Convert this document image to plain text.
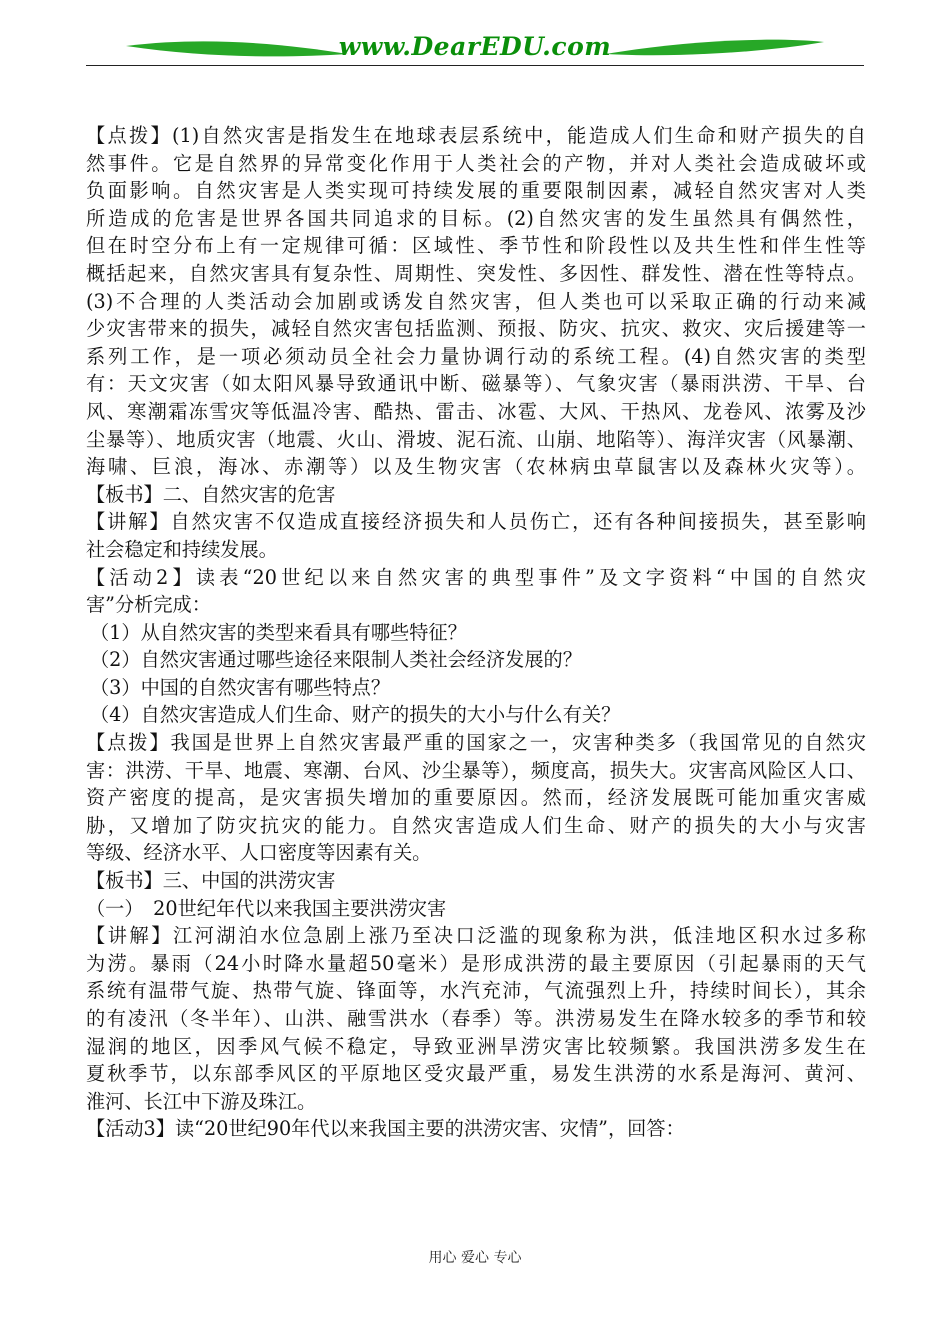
www.DearEDU.com
【点拨】(1)自然灾害是指发生在地球表层系统中，能造成人们生命和财产损失的自
然事件。它是自然界的异常变化作用于人类社会的产物，并对人类社会造成破坏或
负面影响。自然灾害是人类实现可持续发展的重要限制因素，减轻自然灾害对人类
所造成的危害是世界各国共同追求的目标。(2)自然灾害的发生虽然具有偶然性，
但在时空分布上有一定规律可循：区域性、季节性和阶段性以及共生性和伴生性等
概括起来，自然灾害具有复杂性、周期性、突发性、多因性、群发性、潜在性等特点。
(3)不合理的人类活动会加剧或诱发自然灾害，但人类也可以采取正确的行动来减
少灾害带来的损失，减轻自然灾害包括监测、预报、防灾、抗灾、救灾、灾后援建等一
系列工作，是一项必须动员全社会力量协调行动的系统工程。(4)自然灾害的类型
有：天文灾害（如太阳风暴导致通讯中断、磁暴等）、气象灾害（暴雨洪涝、干旱、台
风、寒潮霜冻雪灾等低温冷害、酷热、雷击、冰雹、大风、干热风、龙卷风、浓雾及沙
尘暴等）、地质灾害（地震、火山、滑坡、泥石流、山崩、地陷等）、海洋灾害（风暴潮、
海啸、巨浪，海冰、赤潮等）以及生物灾害（农林病虫草鼠害以及森林火灾等）。
【板书】二、自然灾害的危害
【讲解】自然灾害不仅造成直接经济损失和人员伤亡，还有各种间接损失，甚至影响
社会稳定和持续发展。
【活动2】读表“20世纪以来自然灾害的典型事件”及文字资料“中国的自然灾
害”分析完成：
（1）从自然灾害的类型来看具有哪些特征？
（2）自然灾害通过哪些途径来限制人类社会经济发展的？
（3）中国的自然灾害有哪些特点？
（4）自然灾害造成人们生命、财产的损失的大小与什么有关？
【点拨】我国是世界上自然灾害最严重的国家之一，灾害种类多（我国常见的自然灾
害：洪涝、干旱、地震、寒潮、台风、沙尘暴等），频度高，损失大。灾害高风险区人口、
资产密度的提高，是灾害损失增加的重要原因。然而，经济发展既可能加重灾害威
胁，又增加了防灾抗灾的能力。自然灾害造成人们生命、财产的损失的大小与灾害
等级、经济水平、人口密度等因素有关。
【板书】三、中国的洪涝灾害
（一）　20世纪年代以来我国主要洪涝灾害
【讲解】江河湖泊水位急剧上涨乃至决口泛滥的现象称为洪，低洼地区积水过多称
为涝。暴雨（24小时降水量超50毫米）是形成洪涝的最主要原因（引起暴雨的天气
系统有温带气旋、热带气旋、锋面等，水汽充沛，气流强烈上升，持续时间长），其余
的有凌汛（冬半年）、山洪、融雪洪水（春季）等。洪涝易发生在降水较多的季节和较
湿润的地区，因季风气候不稳定，导致亚洲旱涝灾害比较频繁。我国洪涝多发生在
夏秋季节，以东部季风区的平原地区受灾最严重，易发生洪涝的水系是海河、黄河、
淮河、长江中下游及珠江。
【活动3】读“20世纪90年代以来我国主要的洪涝灾害、灾情”，回答：
用心 爱心 专心
